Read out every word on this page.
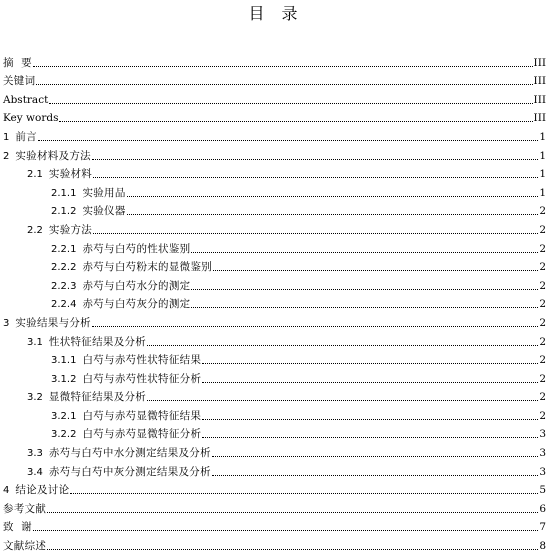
目 录
摘  要	III
关键词	III
Abstract	III
Key words	III
1 前言	1
2 实验材料及方法	1
2.1 实验材料	1
2.1.1 实验用品	1
2.1.2 实验仪器	2
2.2 实验方法	2
2.2.1 赤芍与白芍的性状鉴别	2
2.2.2 赤芍与白芍粉末的显微鉴别	2
2.2.3 赤芍与白芍水分的测定	2
2.2.4 赤芍与白芍灰分的测定	2
3 实验结果与分析	2
3.1 性状特征结果及分析	2
3.1.1 白芍与赤芍性状特征结果	2
3.1.2 白芍与赤芍性状特征分析	2
3.2 显微特征结果及分析	2
3.2.1 白芍与赤芍显微特征结果	2
3.2.2 白芍与赤芍显微特征分析	3
3.3 赤芍与白芍中水分测定结果及分析	3
3.4 赤芍与白芍中灰分测定结果及分析	3
4 结论及讨论	5
参考文献	6
致  谢	7
文献综述	8
